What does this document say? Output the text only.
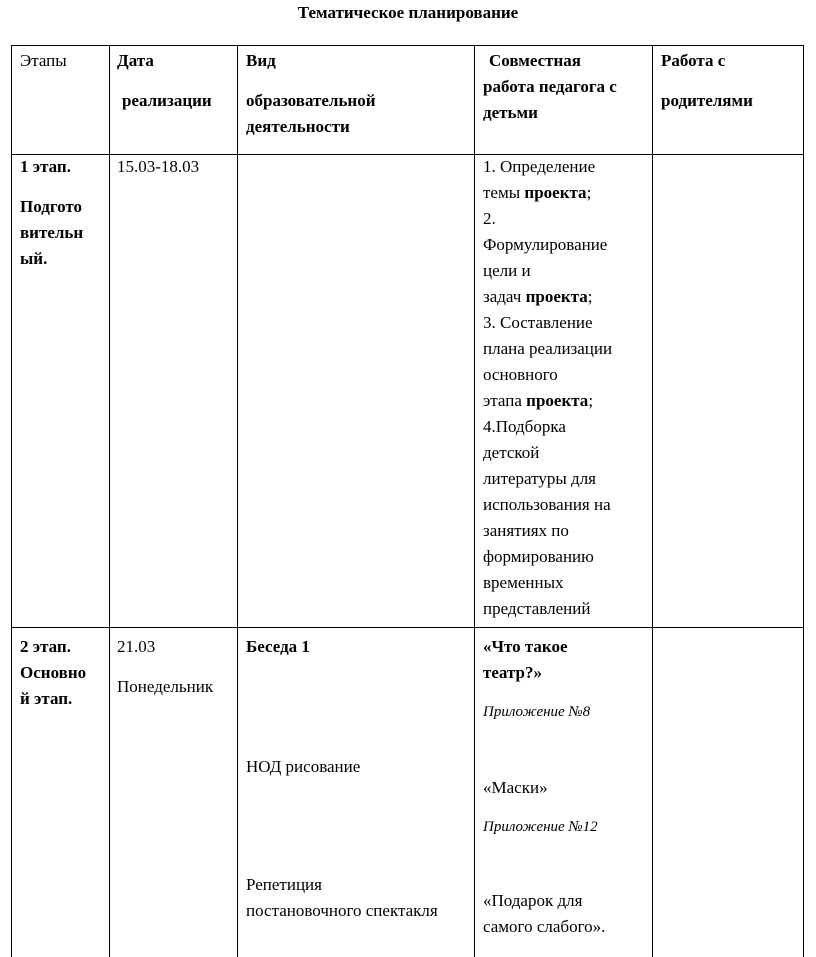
Тематическое планирование
Этапы	Дата
реализации
Вид
образовательной
деятельности
Совместная
работа педагога с
детьми
Работа с
родителями
1 этап.
Подгото
вительн
ый.
15.03-18.03	1. Определение
темы проекта;
2.
Формулирование
цели и
задач проекта;
3. Составление
плана реализации
основного
этапа проекта;
4.Подборка
детской
литературы для
использования на
занятиях по
формированию
временных
представлений
2 этап.
Основно
й этап.
21.03
Понедельник
Беседа 1
НОД рисование
Репетиция
постановочного спектакля
«Что такое
театр?»
Приложение №8
«Маски»
Приложение №12
«Подарок для
самого слабого».
